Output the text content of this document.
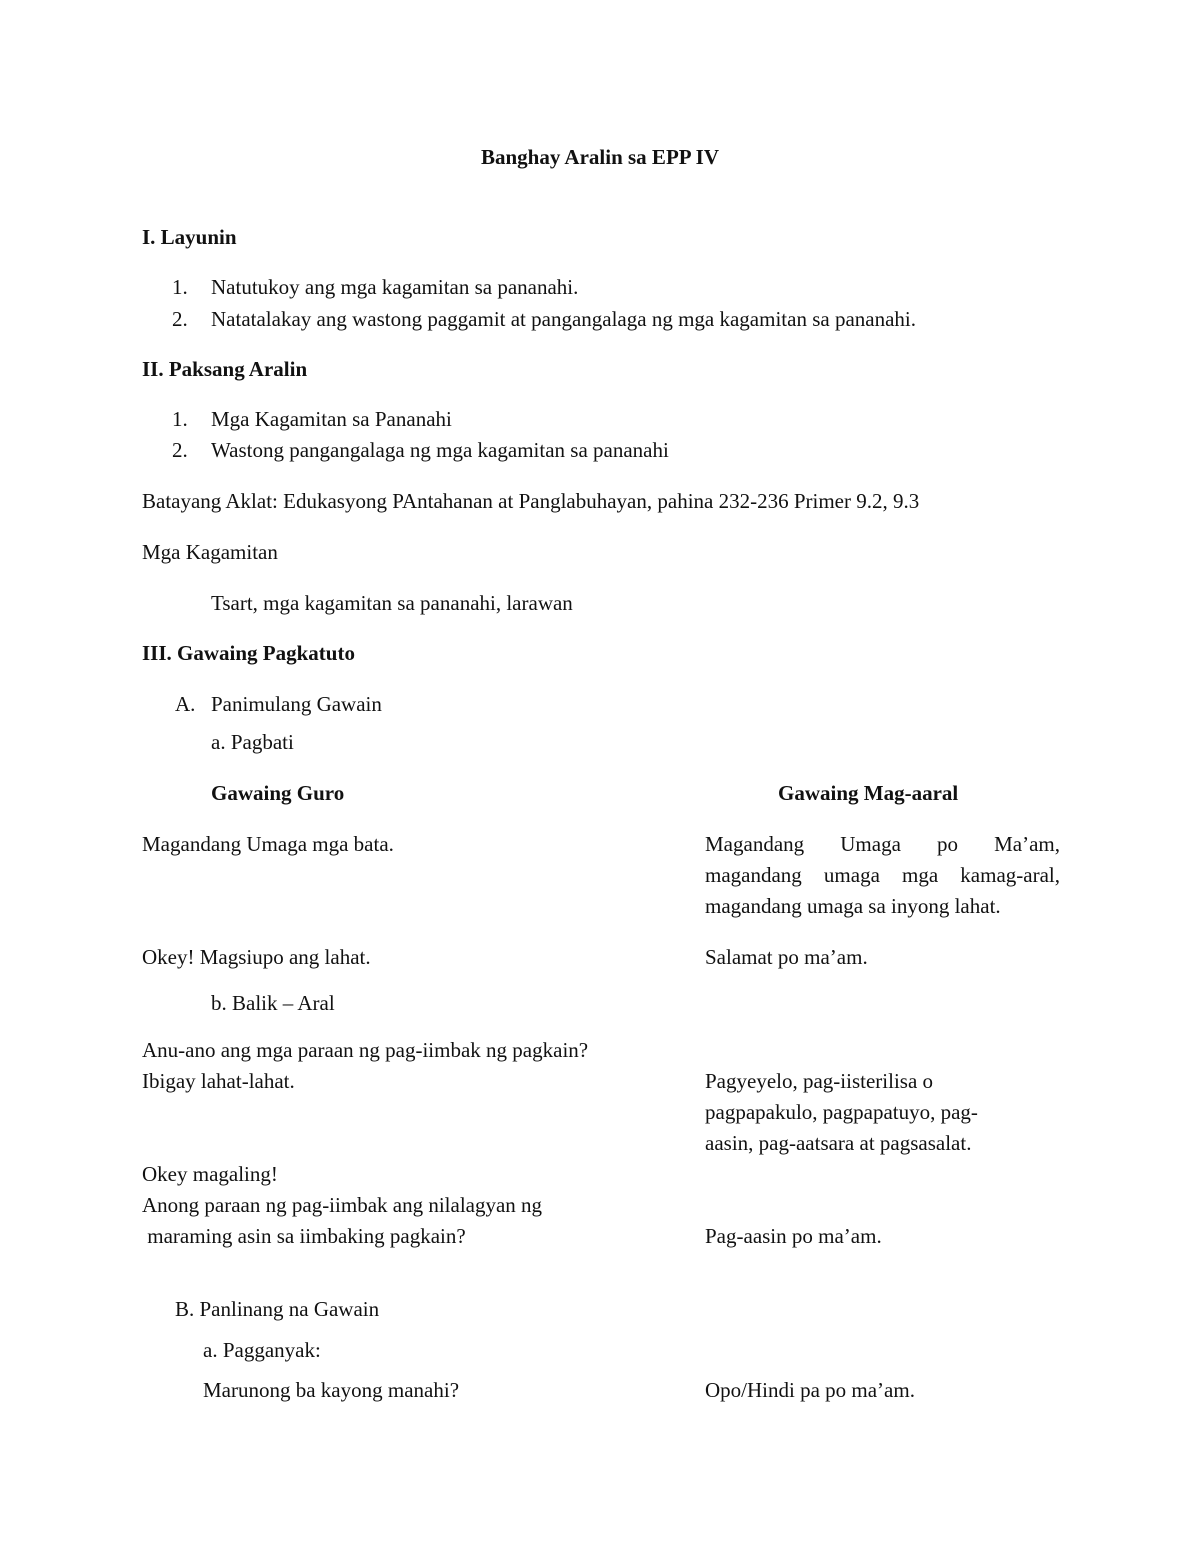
Banghay Aralin sa EPP IV
I. Layunin
1.	Natutukoy ang mga kagamitan sa pananahi.
2.	Natatalakay ang wastong paggamit at pangangalaga ng mga kagamitan sa pananahi.
II. Paksang Aralin
1.	Mga Kagamitan sa Pananahi
2.	Wastong pangangalaga ng mga kagamitan sa pananahi
Batayang Aklat: Edukasyong PAntahanan at Panglabuhayan, pahina 232-236 Primer 9.2, 9.3
Mga Kagamitan
Tsart, mga kagamitan sa pananahi, larawan
III. Gawaing Pagkatuto
A. Panimulang Gawain
a. Pagbati
Gawaing Guro	Gawaing Mag-aaral
Magandang Umaga mga bata.	Magandang Umaga po Ma’am, magandang umaga mga kamag-aral, magandang umaga sa inyong lahat.
Okey! Magsiupo ang lahat.	Salamat po ma’am.
b. Balik – Aral
Anu-ano ang mga paraan ng pag-iimbak ng pagkain?
Ibigay lahat-lahat.	Pagyeyelo, pag-iisterilisa o pagpapakulo, pagpapatuyo, pag-aasin, pag-aatsara at pagsasalat.
Okey magaling!
Anong paraan ng pag-iimbak ang nilalagyan ng
maraming asin sa iimbaking pagkain?	Pag-aasin po ma’am.
B. Panlinang na Gawain
a. Pagganyak:
Marunong ba kayong manahi?	Opo/Hindi pa po ma’am.
